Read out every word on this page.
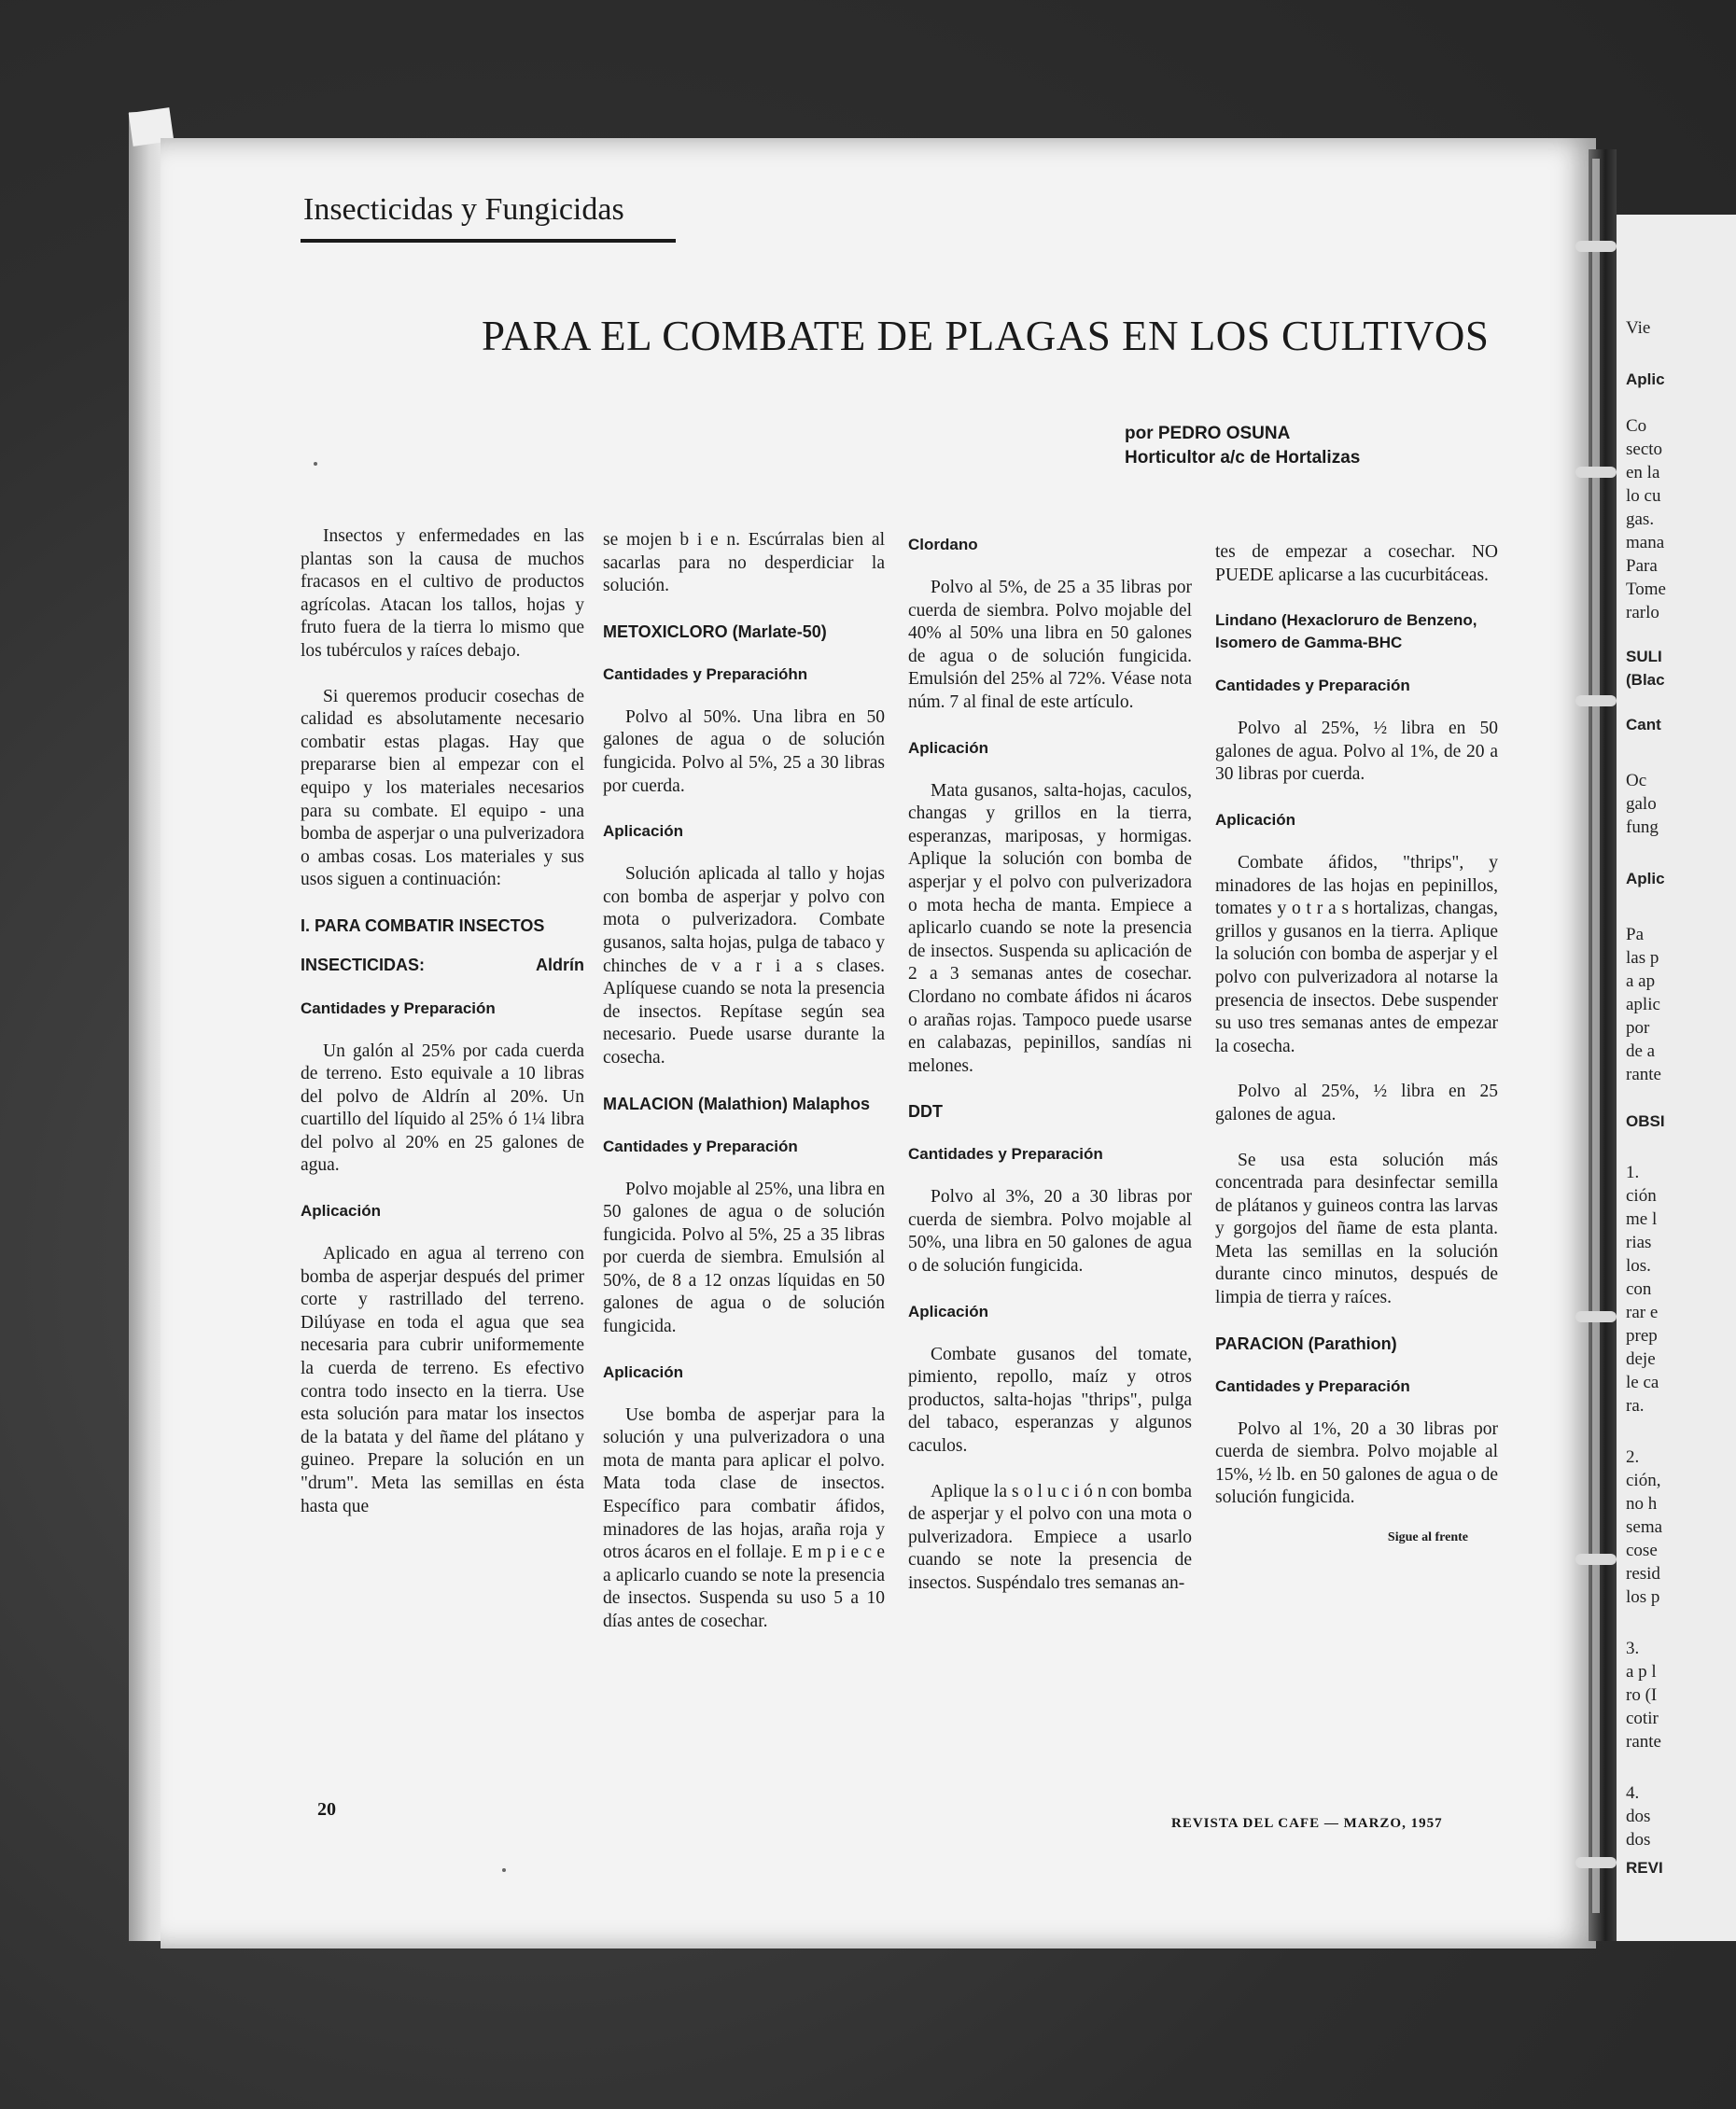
Vie
Aplic
Co
secto
en la
lo cu
gas.
mana
Para
Tome
rarlo
SULI
(Blac
Cant
Oc
galo
fung
Aplic
Pa
las p
a ap
aplic
por
de a
rante
OBSI
1.
ción
me l
rias
los.
con
rar e
prep
deje
le ca
ra.
2.
ción,
no h
sema
cose
resid
los p
3.
a p l
ro (I
cotir
rante
4.
dos
dos
REVI
Insecticidas y Fungicidas
PARA EL COMBATE DE PLAGAS EN LOS CULTIVOS
por PEDRO OSUNA
Horticultor a/c de Hortalizas

Insectos y enfermedades en las plantas son la causa de muchos fracasos en el cultivo de productos agrícolas. Atacan los tallos, hojas y fruto fuera de la tierra lo mismo que los tubérculos y raíces debajo.

Si queremos producir cosechas de calidad es absolutamente necesario combatir estas plagas. Hay que prepararse bien al empezar con el equipo y los materiales necesarios para su combate. El equipo - una bomba de asperjar o una pulverizadora o ambas cosas. Los materiales y sus usos siguen a continuación:

I. PARA COMBATIR INSECTOS
INSECTICIDAS:	Aldrín
Cantidades y Preparación

Un galón al 25% por cada cuerda de terreno. Esto equivale a 10 libras del polvo de Aldrín al 20%. Un cuartillo del líquido al 25% ó 1¼ libra del polvo al 20% en 25 galones de agua.

Aplicación

Aplicado en agua al terreno con bomba de asperjar después del primer corte y rastrillado del terreno. Dilúyase en toda el agua que sea necesaria para cubrir uniformemente la cuerda de terreno. Es efectivo contra todo insecto en la tierra. Use esta solución para matar los insectos de la batata y del ñame del plátano y guineo. Prepare la solución en un "drum". Meta las semillas en ésta hasta que

se mojen b i e n. Escúrralas bien al sacarlas para no desperdiciar la solución.

METOXICLORO (Marlate-50)
Cantidades y Preparacióhn

Polvo al 50%. Una libra en 50 galones de agua o de solución fungicida. Polvo al 5%, 25 a 30 libras por cuerda.

Aplicación

Solución aplicada al tallo y hojas con bomba de asperjar y polvo con mota o pulverizadora. Combate gusanos, salta hojas, pulga de tabaco y chinches de v a r i a s clases. Aplíquese cuando se nota la presencia de insectos. Repítase según sea necesario. Puede usarse durante la cosecha.

MALACION (Malathion) Malaphos
Cantidades y Preparación

Polvo mojable al 25%, una libra en 50 galones de agua o de solución fungicida. Polvo al 5%, 25 a 35 libras por cuerda de siembra. Emulsión al 50%, de 8 a 12 onzas líquidas en 50 galones de agua o de solución fungicida.

Aplicación

Use bomba de asperjar para la solución y una pulverizadora o una mota de manta para aplicar el polvo. Mata toda clase de insectos. Específico para combatir áfidos, minadores de las hojas, araña roja y otros ácaros en el follaje. E m p i e c e a aplicarlo cuando se note la presencia de insectos. Suspenda su uso 5 a 10 días antes de cosechar.

Clordano

Polvo al 5%, de 25 a 35 libras por cuerda de siembra. Polvo mojable del 40% al 50% una libra en 50 galones de agua o de solución fungicida. Emulsión del 25% al 72%. Véase nota núm. 7 al final de este artículo.

Aplicación

Mata gusanos, salta-hojas, caculos, changas y grillos en la tierra, esperanzas, mariposas, y hormigas. Aplique la solución con bomba de asperjar y el polvo con pulverizadora o mota hecha de manta. Empiece a aplicarlo cuando se note la presencia de insectos. Suspenda su aplicación de 2 a 3 semanas antes de cosechar. Clordano no combate áfidos ni ácaros o arañas rojas. Tampoco puede usarse en calabazas, pepinillos, sandías ni melones.

DDT
Cantidades y Preparación

Polvo al 3%, 20 a 30 libras por cuerda de siembra. Polvo mojable al 50%, una libra en 50 galones de agua o de solución fungicida.

Aplicación

Combate gusanos del tomate, pimiento, repollo, maíz y otros productos, salta-hojas "thrips", pulga del tabaco, esperanzas y algunos caculos.

Aplique la s o l u c i ó n con bomba de asperjar y el polvo con una mota o pulverizadora. Empiece a usarlo cuando se note la presencia de insectos. Suspéndalo tres semanas an-

tes de empezar a cosechar. NO PUEDE aplicarse a las cucurbitáceas.

Lindano (Hexacloruro de Benzeno, Isomero de Gamma-BHC
Cantidades y Preparación

Polvo al 25%, ½ libra en 50 galones de agua. Polvo al 1%, de 20 a 30 libras por cuerda.

Aplicación

Combate áfidos, "thrips", y minadores de las hojas en pepinillos, tomates y o t r a s hortalizas, changas, grillos y gusanos en la tierra. Aplique la solución con bomba de asperjar y el polvo con pulverizadora al notarse la presencia de insectos. Debe suspender su uso tres semanas antes de empezar la cosecha.

Polvo al 25%, ½ libra en 25 galones de agua.

Se usa esta solución más concentrada para desinfectar semilla de plátanos y guineos contra las larvas y gorgojos del ñame de esta planta. Meta las semillas en la solución durante cinco minutos, después de limpia de tierra y raíces.

PARACION (Parathion)
Cantidades y Preparación

Polvo al 1%, 20 a 30 libras por cuerda de siembra. Polvo mojable al 15%, ½ lb. en 50 galones de agua o de solución fungicida.

Sigue al frente

20
REVISTA DEL CAFE — MARZO, 1957
